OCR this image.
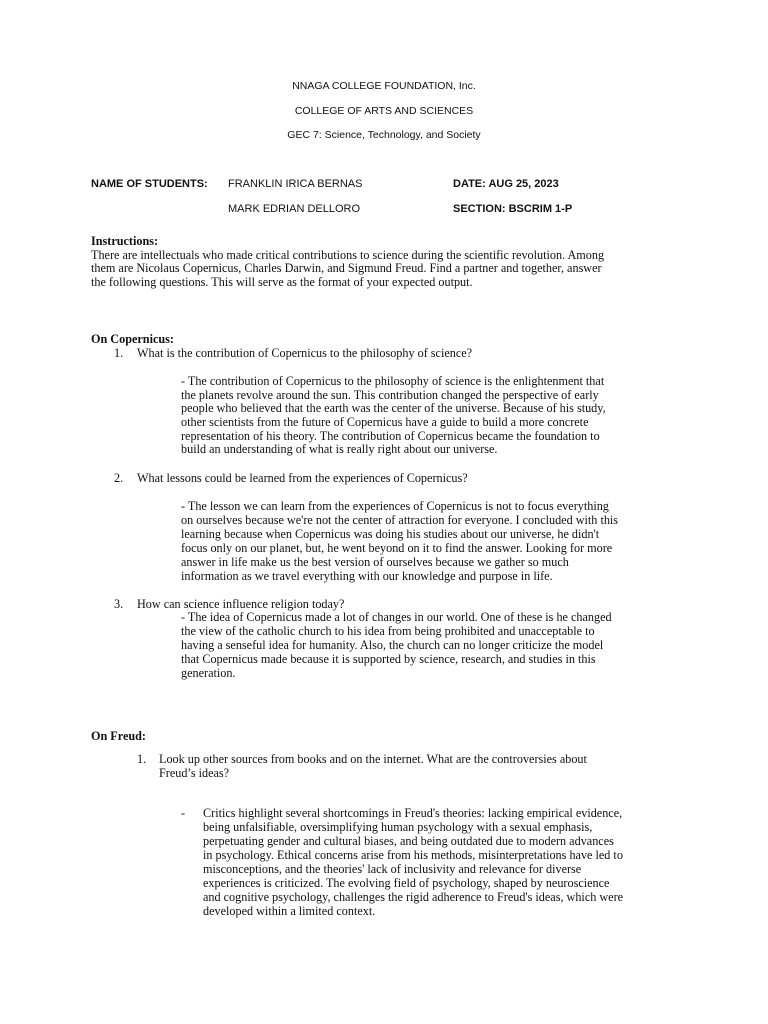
NNAGA COLLEGE FOUNDATION, Inc.
COLLEGE OF ARTS AND SCIENCES
GEC 7: Science, Technology, and Society
NAME OF STUDENTS: FRANKLIN IRICA BERNAS	DATE: AUG 25, 2023
MARK EDRIAN DELLORO	SECTION: BSCRIM 1-P
Instructions:
There are intellectuals who made critical contributions to science during the scientific revolution. Among
them are Nicolaus Copernicus, Charles Darwin, and Sigmund Freud. Find a partner and together, answer
the following questions. This will serve as the format of your expected output.
On Copernicus:
1. What is the contribution of Copernicus to the philosophy of science?
- The contribution of Copernicus to the philosophy of science is the enlightenment that
the planets revolve around the sun. This contribution changed the perspective of early
people who believed that the earth was the center of the universe. Because of his study,
other scientists from the future of Copernicus have a guide to build a more concrete
representation of his theory. The contribution of Copernicus became the foundation to
build an understanding of what is really right about our universe.
2. What lessons could be learned from the experiences of Copernicus?
- The lesson we can learn from the experiences of Copernicus is not to focus everything
on ourselves because we're not the center of attraction for everyone. I concluded with this
learning because when Copernicus was doing his studies about our universe, he didn't
focus only on our planet, but, he went beyond on it to find the answer. Looking for more
answer in life make us the best version of ourselves because we gather so much
information as we travel everything with our knowledge and purpose in life.
3. How can science influence religion today?
- The idea of Copernicus made a lot of changes in our world. One of these is he changed
the view of the catholic church to his idea from being prohibited and unacceptable to
having a senseful idea for humanity. Also, the church can no longer criticize the model
that Copernicus made because it is supported by science, research, and studies in this
generation.
On Freud:
1. Look up other sources from books and on the internet. What are the controversies about
Freud’s ideas?
- Critics highlight several shortcomings in Freud's theories: lacking empirical evidence,
being unfalsifiable, oversimplifying human psychology with a sexual emphasis,
perpetuating gender and cultural biases, and being outdated due to modern advances
in psychology. Ethical concerns arise from his methods, misinterpretations have led to
misconceptions, and the theories' lack of inclusivity and relevance for diverse
experiences is criticized. The evolving field of psychology, shaped by neuroscience
and cognitive psychology, challenges the rigid adherence to Freud's ideas, which were
developed within a limited context.
